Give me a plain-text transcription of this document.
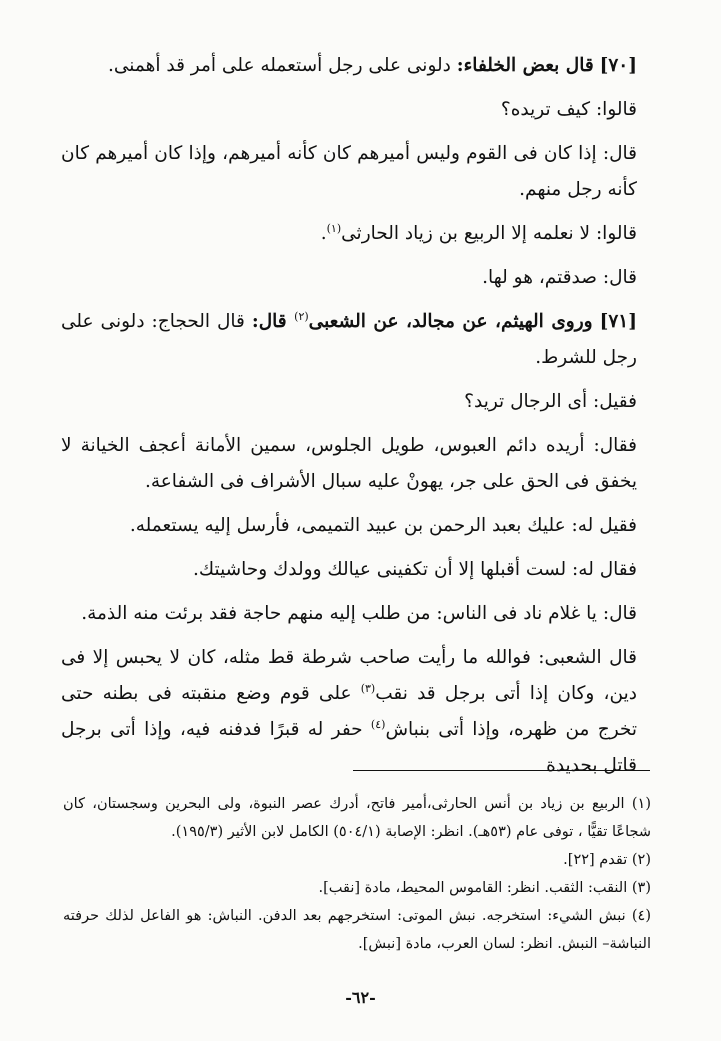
[٧٠] قال بعض الخلفاء: دلونى على رجل أستعمله على أمر قد أهمنى.

قالوا: كيف تريده؟

قال: إذا كان فى القوم وليس أميرهم كان كأنه أميرهم، وإذا كان أميرهم كان كأنه رجل منهم.

قالوا: لا نعلمه إلا الربيع بن زياد الحارثى$^{(١)}$.

قال: صدقتم، هو لها.

[٧١] وروى الهيثم، عن مجالد، عن الشعبى$^{(٢)}$ قال: قال الحجاج: دلونى على رجل للشرط.

فقيل: أى الرجال تريد؟

فقال: أريده دائم العبوس، طويل الجلوس، سمين الأمانة أعجف الخيانة لا يخفق فى الحق على جر، يهونْ عليه سبال الأشراف فى الشفاعة.

فقيل له: عليك بعبد الرحمن بن عبيد التميمى، فأرسل إليه يستعمله.

فقال له: لست أقبلها إلا أن تكفينى عيالك وولدك وحاشيتك.

قال: يا غلام ناد فى الناس: من طلب إليه منهم حاجة فقد برئت منه الذمة.

قال الشعبى: فوالله ما رأيت صاحب شرطة قط مثله، كان لا يحبس إلا فى دين، وكان إذا أتى برجل قد نقب$^{(٣)}$ على قوم وضع منقبته فى بطنه حتى تخرج من ظهره، وإذا أتى بنباش$^{(٤)}$ حفر له قبرًا فدفنه فيه، وإذا أتى برجل قاتل بحديدة

(١) الربيع بن زياد بن أنس الحارثى،أمير فاتح، أدرك عصر النبوة، ولى البحرين وسجستان، كان شجاعًا تقيًّا ، توفى عام (٥٣هـ). انظر: الإصابة (٥٠٤/١) الكامل لابن الأثير (١٩٥/٣).

(٢) تقدم [٢٢].

(٣) النقب: الثقب. انظر: القاموس المحيط، مادة [نقب].

(٤) نبش الشيء: استخرجه. نبش الموتى: استخرجهم بعد الدفن. النباش: هو الفاعل لذلك حرفته النباشة– النبش. انظر: لسان العرب، مادة [نبش].

-٦٢-
